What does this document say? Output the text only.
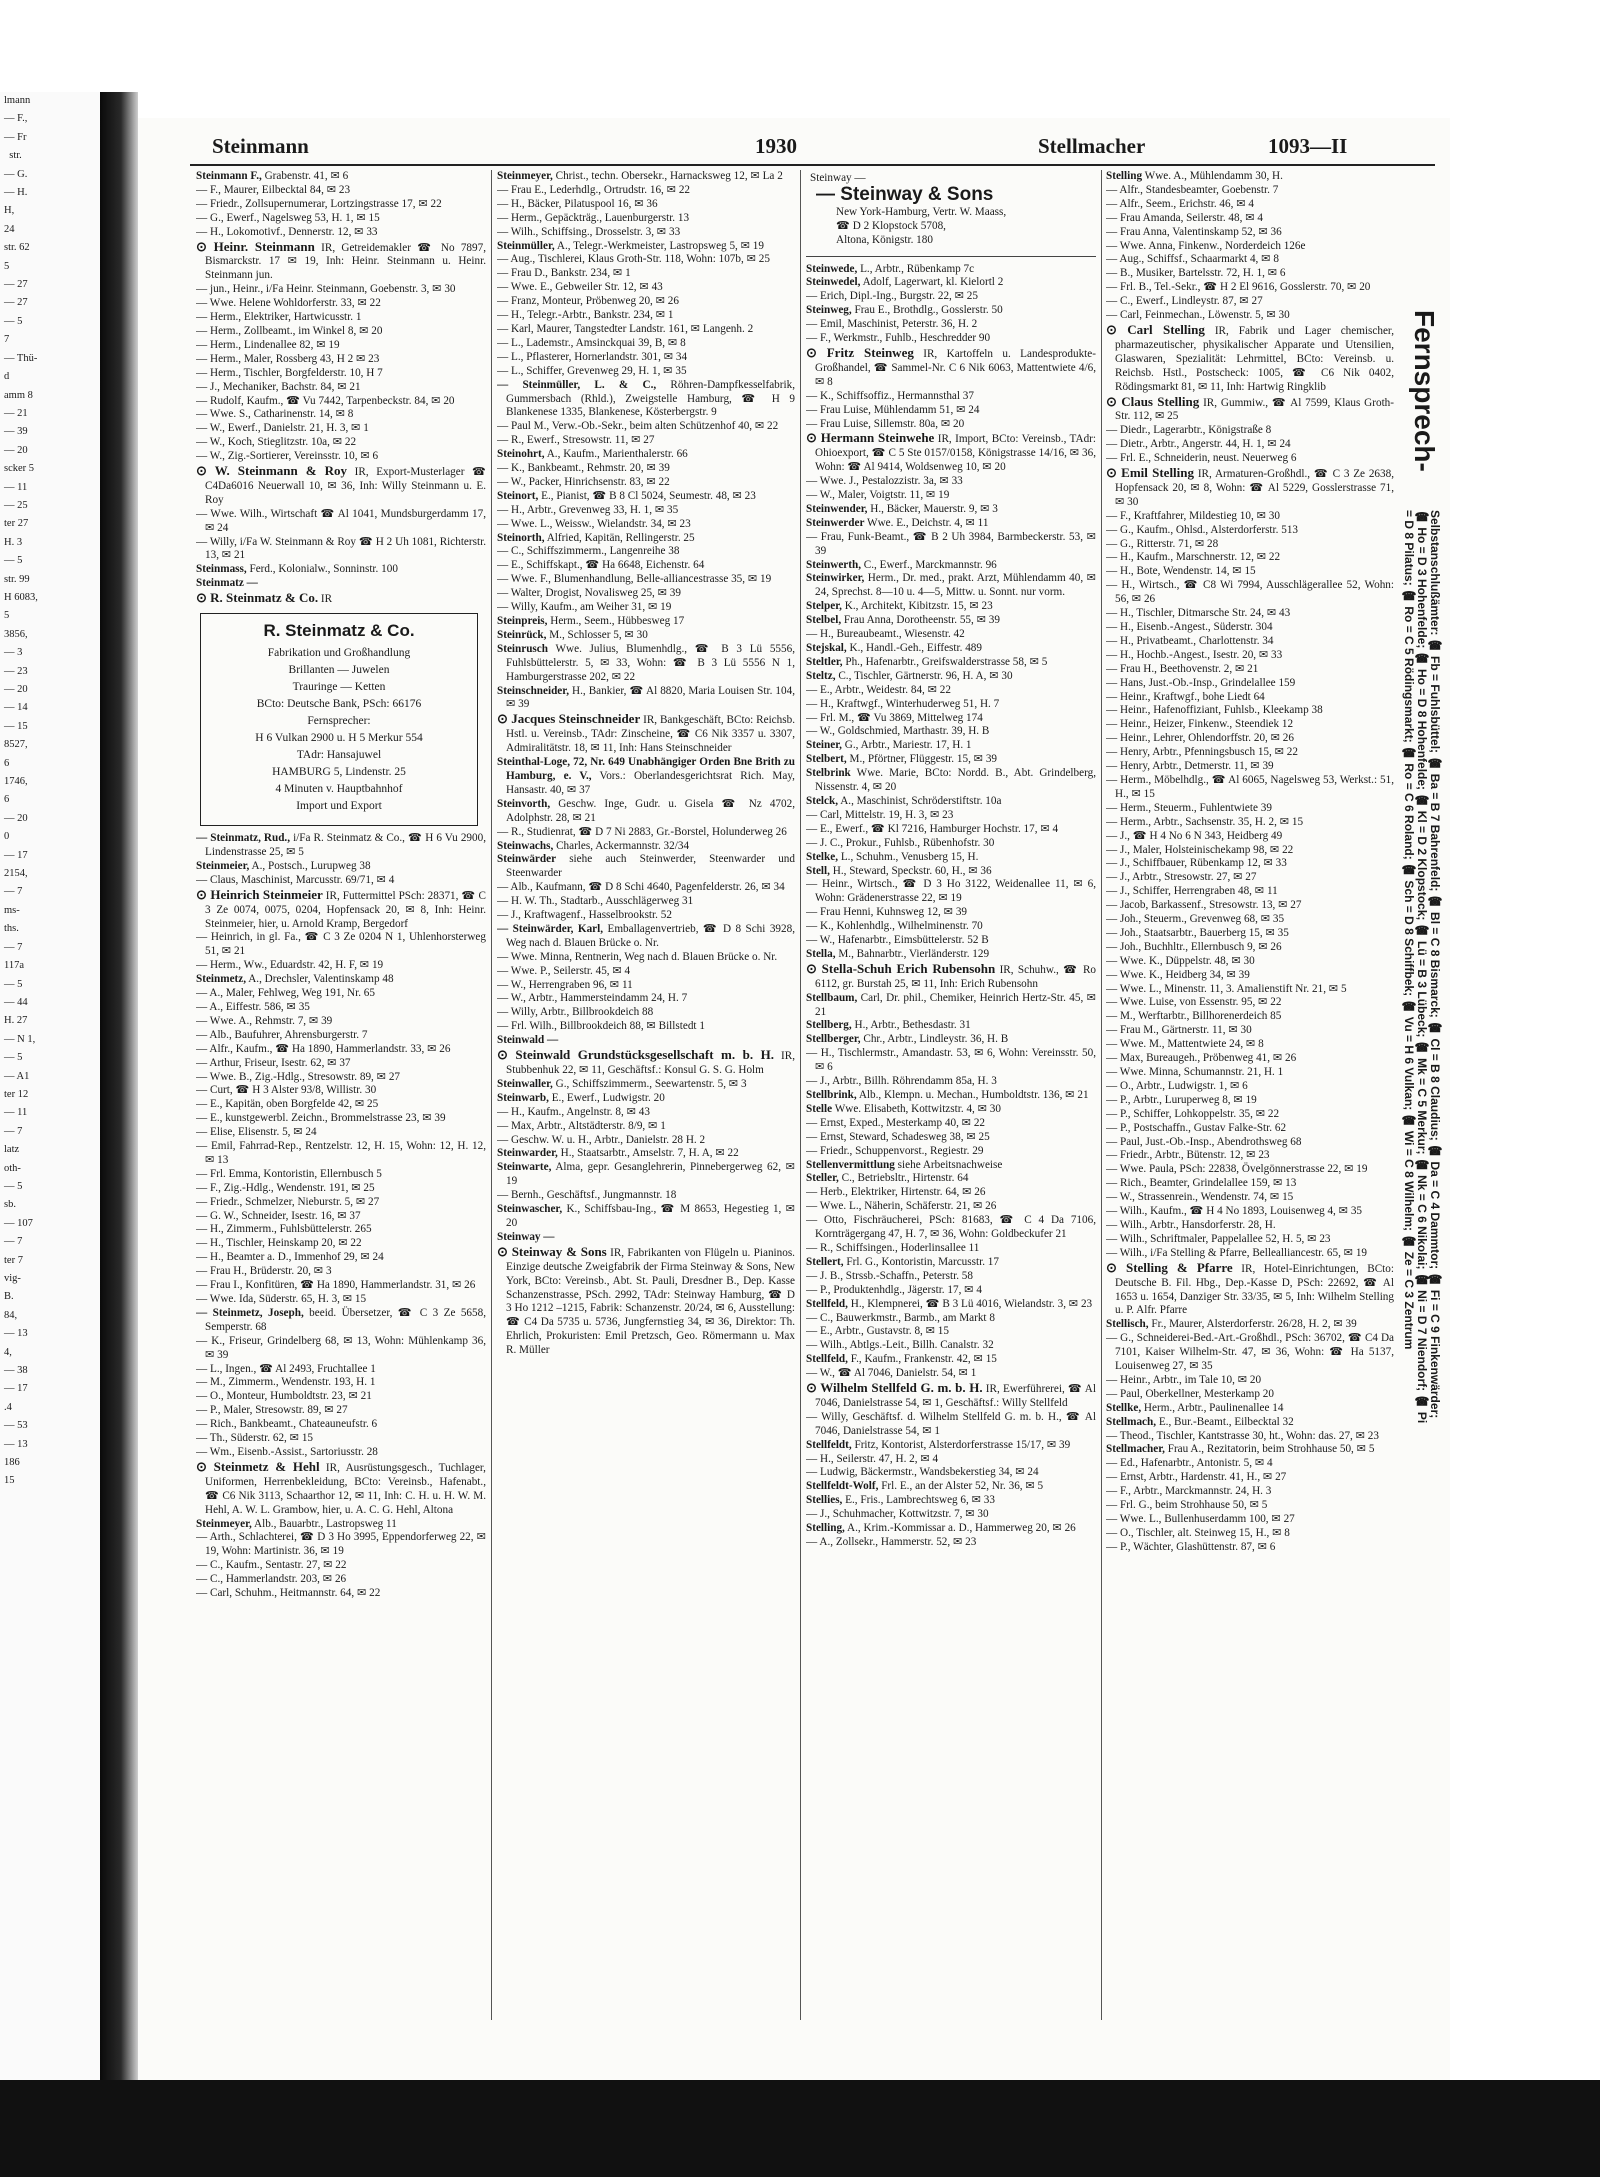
lmann
— F.,
— Fr
str.
— G.
— H.
H,
24
str. 62
5
— 27
— 27
— 5
7
— Thü-
d
amm 8
— 21
— 39
— 20
scker 5
— 11
— 25
ter 27
H. 3
— 5
str. 99
H 6083,
5
3856,
— 3
— 23
— 20
— 14
— 15
8527,
6
1746,
6
— 20
0
— 17
2154,
— 7
ms-
ths.
— 7
117a
— 5
— 44
H. 27
— N 1,
— 5
— A1
ter 12
— 11
— 7
latz
oth-
— 5
sb.
— 107
— 7
ter 7
vig-
B.
84,
— 13
4,
— 38
— 17
.4
— 53
— 13
186
15
Steinmann	1930	Stellmacher	1093—II
Steinmann F., Grabenstr. 41, ✉ 6
— F., Maurer, Eilbecktal 84, ✉ 23
— Friedr., Zollsupernumerar, Lortzingstrasse 17, ✉ 22
— G., Ewerf., Nagelsweg 53, H. 1, ✉ 15
— H., Lokomotivf., Dennerstr. 12, ✉ 33
⊙ Heinr. Steinmann IR, Getreidemakler ☎ No 7897, Bismarckstr. 17 ✉ 19, Inh: Heinr. Steinmann u. Heinr. Steinmann jun.
— jun., Heinr., i/Fa Heinr. Steinmann, Goebenstr. 3, ✉ 30
— Wwe. Helene Wohldorferstr. 33, ✉ 22
— Herm., Elektriker, Hartwicusstr. 1
— Herm., Zollbeamt., im Winkel 8, ✉ 20
— Herm., Lindenallee 82, ✉ 19
— Herm., Maler, Rossberg 43, H 2 ✉ 23
— Herm., Tischler, Borgfelderstr. 10, H 7
— J., Mechaniker, Bachstr. 84, ✉ 21
— Rudolf, Kaufm., ☎ Vu 7442, Tarpenbeckstr. 84, ✉ 20
— Wwe. S., Catharinenstr. 14, ✉ 8
— W., Ewerf., Danielstr. 21, H. 3, ✉ 1
— W., Koch, Stieglitzstr. 10a, ✉ 22
— W., Zig.-Sortierer, Vereinsstr. 10, ✉ 6
⊙ W. Steinmann & Roy IR, Export-Musterlager ☎ C4Da6016 Neuerwall 10, ✉ 36, Inh: Willy Steinmann u. E. Roy
— Wwe. Wilh., Wirtschaft ☎ Al 1041, Mundsburgerdamm 17, ✉ 24
— Willy, i/Fa W. Steinmann & Roy ☎ H 2 Uh 1081, Richterstr. 13, ✉ 21
Steinmass, Ferd., Kolonialw., Sonninstr. 100
Steinmatz —
⊙ R. Steinmatz & Co. IR
R. Steinmatz & Co.
Fabrikation und Großhandlung
Brillanten — Juwelen
Trauringe — Ketten
BCto: Deutsche Bank, PSch: 66176
Fernsprecher:
H 6 Vulkan 2900 u. H 5 Merkur 554
TAdr: Hansajuwel
HAMBURG 5, Lindenstr. 25
4 Minuten v. Hauptbahnhof
Import und Export
— Steinmatz, Rud., i/Fa R. Steinmatz & Co., ☎ H 6 Vu 2900, Lindenstrasse 25, ✉ 5
Steinmeier, A., Postsch., Lurupweg 38
— Claus, Maschinist, Marcusstr. 69/71, ✉ 4
⊙ Heinrich Steinmeier IR, Futtermittel PSch: 28371, ☎ C 3 Ze 0074, 0075, 0204, Hopfensack 20, ✉ 8, Inh: Heinr. Steinmeier, hier, u. Arnold Kramp, Bergedorf
— Heinrich, in gl. Fa., ☎ C 3 Ze 0204 N 1, Uhlenhorsterweg 51, ✉ 21
— Herm., Ww., Eduardstr. 42, H. F, ✉ 19
Steinmetz, A., Drechsler, Valentinskamp 48
— A., Maler, Fehlweg, Weg 191, Nr. 65
— A., Eiffestr. 586, ✉ 35
— Wwe. A., Rehmstr. 7, ✉ 39
— Alb., Baufuhrer, Ahrensburgerstr. 7
— Alfr., Kaufm., ☎ Ha 1890, Hammerlandstr. 33, ✉ 26
— Arthur, Friseur, Isestr. 62, ✉ 37
— Wwe. B., Zig.-Hdlg., Stresowstr. 89, ✉ 27
— Curt, ☎ H 3 Alster 93/8, Willistr. 30
— E., Kapitän, oben Borgfelde 42, ✉ 25
— E., kunstgewerbl. Zeichn., Brommelstrasse 23, ✉ 39
— Elise, Elisenstr. 5, ✉ 24
— Emil, Fahrrad-Rep., Rentzelstr. 12, H. 15, Wohn: 12, H. 12, ✉ 13
— Frl. Emma, Kontoristin, Ellernbusch 5
— F., Zig.-Hdlg., Wendenstr. 191, ✉ 25
— Friedr., Schmelzer, Nieburstr. 5, ✉ 27
— G. W., Schneider, Isestr. 16, ✉ 37
— H., Zimmerm., Fuhlsbüttelerstr. 265
— H., Tischler, Heinskamp 20, ✉ 22
— H., Beamter a. D., Immenhof 29, ✉ 24
— Frau H., Brüderstr. 20, ✉ 3
— Frau I., Konfitüren, ☎ Ha 1890, Hammerlandstr. 31, ✉ 26
— Wwe. Ida, Süderstr. 65, H. 3, ✉ 15
— Steinmetz, Joseph, beeid. Übersetzer, ☎ C 3 Ze 5658, Semperstr. 68
— K., Friseur, Grindelberg 68, ✉ 13, Wohn: Mühlenkamp 36, ✉ 39
— L., Ingen., ☎ Al 2493, Fruchtallee 1
— M., Zimmerm., Wendenstr. 193, H. 1
— O., Monteur, Humboldtstr. 23, ✉ 21
— P., Maler, Stresowstr. 89, ✉ 27
— Rich., Bankbeamt., Chateauneufstr. 6
— Th., Süderstr. 62, ✉ 15
— Wm., Eisenb.-Assist., Sartoriusstr. 28
⊙ Steinmetz & Hehl IR, Ausrüstungsgesch., Tuchlager, Uniformen, Herrenbekleidung, BCto: Vereinsb., Hafenabt., ☎ C6 Nik 3113, Schaarthor 12, ✉ 11, Inh: C. H. u. H. W. M. Hehl, A. W. L. Grambow, hier, u. A. C. G. Hehl, Altona
Steinmeyer, Alb., Bauarbtr., Lastropsweg 11
— Arth., Schlachterei, ☎ D 3 Ho 3995, Eppendorferweg 22, ✉ 19, Wohn: Martinistr. 36, ✉ 19
— C., Kaufm., Sentastr. 27, ✉ 22
— C., Hammerlandstr. 203, ✉ 26
— Carl, Schuhm., Heitmannstr. 64, ✉ 22
Steinmeyer, Christ., techn. Obersekr., Harnacksweg 12, ✉ La 2
— Frau E., Lederhdlg., Ortrudstr. 16, ✉ 22
— H., Bäcker, Pilatuspool 16, ✉ 36
— Herm., Gepäckträg., Lauenburgerstr. 13
— Wilh., Schiffsing., Drosselstr. 3, ✉ 33
Steinmüller, A., Telegr.-Werkmeister, Lastropsweg 5, ✉ 19
— Aug., Tischlerei, Klaus Groth-Str. 118, Wohn: 107b, ✉ 25
— Frau D., Bankstr. 234, ✉ 1
— Wwe. E., Gebweiler Str. 12, ✉ 43
— Franz, Monteur, Pröbenweg 20, ✉ 26
— H., Telegr.-Arbtr., Bankstr. 234, ✉ 1
— Karl, Maurer, Tangstedter Landstr. 161, ✉ Langenh. 2
— L., Lademstr., Amsinckquai 39, B, ✉ 8
— L., Pflasterer, Hornerlandstr. 301, ✉ 34
— L., Schiffer, Grevenweg 29, H. 1, ✉ 35
— Steinmüller, L. & C., Röhren-Dampfkesselfabrik, Gummersbach (Rhld.), Zweigstelle Hamburg, ☎ H 9 Blankenese 1335, Blankenese, Kösterbergstr. 9
— Paul M., Verw.-Ob.-Sekr., beim alten Schützenhof 40, ✉ 22
— R., Ewerf., Stresowstr. 11, ✉ 27
Steinohrt, A., Kaufm., Marienthalerstr. 66
— K., Bankbeamt., Rehmstr. 20, ✉ 39
— W., Packer, Hinrichsenstr. 83, ✉ 22
Steinort, E., Pianist, ☎ B 8 Cl 5024, Seumestr. 48, ✉ 23
— H., Arbtr., Grevenweg 33, H. 1, ✉ 35
— Wwe. L., Weissw., Wielandstr. 34, ✉ 23
Steinorth, Alfried, Kapitän, Rellingerstr. 25
— C., Schiffszimmerm., Langenreihe 38
— E., Schiffskapt., ☎ Ha 6648, Eichenstr. 64
— Wwe. F., Blumenhandlung, Belle-alliancestrasse 35, ✉ 19
— Walter, Drogist, Novalisweg 25, ✉ 39
— Willy, Kaufm., am Weiher 31, ✉ 19
Steinpreis, Herm., Seem., Hübbesweg 17
Steinrück, M., Schlosser 5, ✉ 30
Steinrusch Wwe. Julius, Blumenhdlg., ☎ B 3 Lü 5556, Fuhlsbüttelerstr. 5, ✉ 33, Wohn: ☎ B 3 Lü 5556 N 1, Hamburgerstrasse 202, ✉ 22
Steinschneider, H., Bankier, ☎ Al 8820, Maria Louisen Str. 104, ✉ 39
⊙ Jacques Steinschneider IR, Bankgeschäft, BCto: Reichsb. Hstl. u. Vereinsb., TAdr: Zinscheine, ☎ C6 Nik 3357 u. 3307, Admiralitätstr. 18, ✉ 11, Inh: Hans Steinschneider
Steinthal-Loge, 72, Nr. 649 Unabhängiger Orden Bne Brith zu Hamburg, e. V., Vors.: Oberlandesgerichtsrat Rich. May, Hansastr. 40, ✉ 37
Steinvorth, Geschw. Inge, Gudr. u. Gisela ☎ Nz 4702, Adolphstr. 28, ✉ 21
— R., Studienrat, ☎ D 7 Ni 2883, Gr.-Borstel, Holunderweg 26
Steinwachs, Charles, Ackermannstr. 32/34
Steinwärder siehe auch Steinwerder, Steenwarder und Steenwarder
— Alb., Kaufmann, ☎ D 8 Schi 4640, Pagenfelderstr. 26, ✉ 34
— H. W. Th., Stadtarb., Ausschlägerweg 31
— J., Kraftwagenf., Hasselbrookstr. 52
— Steinwärder, Karl, Emballagenvertrieb, ☎ D 8 Schi 3928, Weg nach d. Blauen Brücke o. Nr.
— Wwe. Minna, Rentnerin, Weg nach d. Blauen Brücke o. Nr.
— Wwe. P., Seilerstr. 45, ✉ 4
— W., Herrengraben 96, ✉ 11
— W., Arbtr., Hammersteindamm 24, H. 7
— Willy, Arbtr., Billbrookdeich 88
— Frl. Wilh., Billbrookdeich 88, ✉ Billstedt 1
Steinwald —
⊙ Steinwald Grundstücksgesellschaft m. b. H. IR, Stubbenhuk 22, ✉ 11, Geschäftsf.: Konsul G. S. G. Holm
Steinwaller, G., Schiffszimmerm., Seewartenstr. 5, ✉ 3
Steinwarb, E., Ewerf., Ludwigstr. 20
— H., Kaufm., Angelnstr. 8, ✉ 43
— Max, Arbtr., Altstädterstr. 8/9, ✉ 1
— Geschw. W. u. H., Arbtr., Danielstr. 28 H. 2
Steinwarder, H., Staatsarbtr., Amselstr. 7, H. A, ✉ 22
Steinwarte, Alma, gepr. Gesanglehrerin, Pinnebergerweg 62, ✉ 19
— Bernh., Geschäftsf., Jungmannstr. 18
Steinwascher, K., Schiffsbau-Ing., ☎ M 8653, Hegestieg 1, ✉ 20
Steinway —
⊙ Steinway & Sons IR, Fabrikanten von Flügeln u. Pianinos. Einzige deutsche Zweigfabrik der Firma Steinway & Sons, New York, BCto: Vereinsb., Abt. St. Pauli, Dresdner B., Dep. Kasse Schanzenstrasse, PSch. 2992, TAdr: Steinway Hamburg, ☎ D 3 Ho 1212 –1215, Fabrik: Schanzenstr. 20/24, ✉ 6, Ausstellung: ☎ C4 Da 5735 u. 5736, Jungfernstieg 34, ✉ 36, Direktor: Th. Ehrlich, Prokuristen: Emil Pretzsch, Geo. Römermann u. Max R. Müller
Steinway —
— Steinway & Sons
New York-Hamburg, Vertr. W. Maass,
☎ D 2 Klopstock 5708,
Altona, Königstr. 180
Steinwede, L., Arbtr., Rübenkamp 7c
Steinwedel, Adolf, Lagerwart, kl. Kielortl 2
— Erich, Dipl.-Ing., Burgstr. 22, ✉ 25
Steinweg, Frau E., Brothdlg., Gosslerstr. 50
— Emil, Maschinist, Peterstr. 36, H. 2
— F., Werkmstr., Fuhlb., Heschredder 90
⊙ Fritz Steinweg IR, Kartoffeln u. Landesprodukte-Großhandel, ☎ Sammel-Nr. C 6 Nik 6063, Mattentwiete 4/6, ✉ 8
— K., Schiffsoffiz., Hermannsthal 37
— Frau Luise, Mühlendamm 51, ✉ 24
— Frau Luise, Sillemstr. 80a, ✉ 20
⊙ Hermann Steinwehe IR, Import, BCto: Vereinsb., TAdr: Ohioexport, ☎ C 5 Ste 0157/0158, Königstrasse 14/16, ✉ 36, Wohn: ☎ Al 9414, Woldsenweg 10, ✉ 20
— Wwe. J., Pestalozzistr. 3a, ✉ 33
— W., Maler, Voigtstr. 11, ✉ 19
Steinwender, H., Bäcker, Mauerstr. 9, ✉ 3
Steinwerder Wwe. E., Deichstr. 4, ✉ 11
— Frau, Funk-Beamt., ☎ B 2 Uh 3984, Barmbeckerstr. 53, ✉ 39
Steinwerth, C., Ewerf., Marckmannstr. 96
Steinwirker, Herm., Dr. med., prakt. Arzt, Mühlendamm 40, ✉ 24, Sprechst. 8—10 u. 4—5, Mittw. u. Sonnt. nur vorm.
Stelper, K., Architekt, Kibitzstr. 15, ✉ 23
Stelbel, Frau Anna, Dorotheenstr. 55, ✉ 39
— H., Bureaubeamt., Wiesenstr. 42
Stejskal, K., Handl.-Geh., Eiffestr. 489
Steltler, Ph., Hafenarbtr., Greifswalderstrasse 58, ✉ 5
Steltz, C., Tischler, Gärtnerstr. 96, H. A, ✉ 30
— E., Arbtr., Weidestr. 84, ✉ 22
— H., Kraftwgf., Winterhuderweg 51, H. 7
— Frl. M., ☎ Vu 3869, Mittelweg 174
— W., Goldschmied, Marthastr. 39, H. B
Steiner, G., Arbtr., Mariestr. 17, H. 1
Stelbert, M., Pförtner, Flüggestr. 15, ✉ 39
Stelbrink Wwe. Marie, BCto: Nordd. B., Abt. Grindelberg, Nissenstr. 4, ✉ 20
Stelck, A., Maschinist, Schröderstiftstr. 10a
— Carl, Mittelstr. 19, H. 3, ✉ 23
— E., Ewerf., ☎ Kl 7216, Hamburger Hochstr. 17, ✉ 4
— J. C., Prokur., Fuhlsb., Rübenhofstr. 30
Stelke, L., Schuhm., Venusberg 15, H.
Stell, H., Steward, Speckstr. 60, H., ✉ 36
— Heinr., Wirtsch., ☎ D 3 Ho 3122, Weidenallee 11, ✉ 6, Wohn: Grädenerstrasse 22, ✉ 19
— Frau Henni, Kuhnsweg 12, ✉ 39
— K., Kohlenhdlg., Wilhelminenstr. 70
— W., Hafenarbtr., Eimsbüttelerstr. 52 B
Stella, M., Bahnarbtr., Vierländerstr. 129
⊙ Stella-Schuh Erich Rubensohn IR, Schuhw., ☎ Ro 6112, gr. Burstah 25, ✉ 11, Inh: Erich Rubensohn
Stellbaum, Carl, Dr. phil., Chemiker, Heinrich Hertz-Str. 45, ✉ 21
Stellberg, H., Arbtr., Bethesdastr. 31
Stellberger, Chr., Arbtr., Lindleystr. 36, H. B
— H., Tischlermstr., Amandastr. 53, ✉ 6, Wohn: Vereinsstr. 50, ✉ 6
— J., Arbtr., Billh. Röhrendamm 85a, H. 3
Stellbrink, Alb., Klempn. u. Mechan., Humboldtstr. 136, ✉ 21
Stelle Wwe. Elisabeth, Kottwitzstr. 4, ✉ 30
— Ernst, Exped., Mesterkamp 40, ✉ 22
— Ernst, Steward, Schadesweg 38, ✉ 25
— Friedr., Schuppenvorst., Regiestr. 29
Stellenvermittlung siehe Arbeitsnachweise
Steller, C., Betriebsltr., Hirtenstr. 64
— Herb., Elektriker, Hirtenstr. 64, ✉ 26
— Wwe. L., Näherin, Schäferstr. 21, ✉ 26
— Otto, Fischräucherei, PSch: 81683, ☎ C 4 Da 7106, Kornträgergang 47, H. 7, ✉ 36, Wohn: Goldbeckufer 21
— R., Schiffsingen., Hoderlinsallee 11
Stellert, Frl. G., Kontoristin, Marcusstr. 17
— J. B., Strssb.-Schaffn., Peterstr. 58
— P., Produktenhdlg., Jägerstr. 17, ✉ 4
Stellfeld, H., Klempnerei, ☎ B 3 Lü 4016, Wielandstr. 3, ✉ 23
— C., Bauwerkmstr., Barmb., am Markt 8
— E., Arbtr., Gustavstr. 8, ✉ 15
— Wilh., Abtlgs.-Leit., Billh. Canalstr. 32
Stellfeld, F., Kaufm., Frankenstr. 42, ✉ 15
— W., ☎ Al 7046, Danielstr. 54, ✉ 1
⊙ Wilhelm Stellfeld G. m. b. H. IR, Ewerführerei, ☎ Al 7046, Danielstrasse 54, ✉ 1, Geschäftsf.: Willy Stellfeld
— Willy, Geschäftsf. d. Wilhelm Stellfeld G. m. b. H., ☎ Al 7046, Danielstrasse 54, ✉ 1
Stellfeldt, Fritz, Kontorist, Alsterdorferstrasse 15/17, ✉ 39
— H., Seilerstr. 47, H. 2, ✉ 4
— Ludwig, Bäckermstr., Wandsbekerstieg 34, ✉ 24
Stellfeldt-Wolf, Frl. E., an der Alster 52, Nr. 36, ✉ 5
Stellies, E., Fris., Lambrechtsweg 6, ✉ 33
— J., Schuhmacher, Kottwitzstr. 7, ✉ 30
Stelling, A., Krim.-Kommissar a. D., Hammerweg 20, ✉ 26
— A., Zollsekr., Hammerstr. 52, ✉ 23
Stelling Wwe. A., Mühlendamm 30, H.
— Alfr., Standesbeamter, Goebenstr. 7
— Alfr., Seem., Erichstr. 46, ✉ 4
— Frau Amanda, Seilerstr. 48, ✉ 4
— Frau Anna, Valentinskamp 52, ✉ 36
— Wwe. Anna, Finkenw., Norderdeich 126e
— Aug., Schiffsf., Schaarmarkt 4, ✉ 8
— B., Musiker, Bartelsstr. 72, H. 1, ✉ 6
— Frl. B., Tel.-Sekr., ☎ H 2 El 9616, Gosslerstr. 70, ✉ 20
— C., Ewerf., Lindleystr. 87, ✉ 27
— Carl, Feinmechan., Löwenstr. 5, ✉ 30
⊙ Carl Stelling IR, Fabrik und Lager chemischer, pharmazeutischer, physikalischer Apparate und Utensilien, Glaswaren, Spezialität: Lehrmittel, BCto: Vereinsb. u. Reichsb. Hstl., Postscheck: 1005, ☎ C6 Nik 0402, Rödingsmarkt 81, ✉ 11, Inh: Hartwig Ringklib
⊙ Claus Stelling IR, Gummiw., ☎ Al 7599, Klaus Groth-Str. 112, ✉ 25
— Diedr., Lagerarbtr., Königstraße 8
— Dietr., Arbtr., Angerstr. 44, H. 1, ✉ 24
— Frl. E., Schneiderin, neust. Neuerweg 6
⊙ Emil Stelling IR, Armaturen-Großhdl., ☎ C 3 Ze 2638, Hopfensack 20, ✉ 8, Wohn: ☎ Al 5229, Gosslerstrasse 71, ✉ 30
— F., Kraftfahrer, Mildestieg 10, ✉ 30
— G., Kaufm., Ohlsd., Alsterdorferstr. 513
— G., Ritterstr. 71, ✉ 28
— H., Kaufm., Marschnerstr. 12, ✉ 22
— H., Bote, Wendenstr. 14, ✉ 15
— H., Wirtsch., ☎ C8 Wi 7994, Ausschlägerallee 52, Wohn: 56, ✉ 26
— H., Tischler, Ditmarsche Str. 24, ✉ 43
— H., Eisenb.-Angest., Süderstr. 304
— H., Privatbeamt., Charlottenstr. 34
— H., Hochb.-Angest., Isestr. 20, ✉ 33
— Frau H., Beethovenstr. 2, ✉ 21
— Hans, Just.-Ob.-Insp., Grindelallee 159
— Heinr., Kraftwgf., bohe Liedt 64
— Heinr., Hafenoffiziant, Fuhlsb., Kleekamp 38
— Heinr., Heizer, Finkenw., Steendiek 12
— Heinr., Lehrer, Ohlendorffstr. 20, ✉ 26
— Henry, Arbtr., Pfenningsbusch 15, ✉ 22
— Henry, Arbtr., Detmerstr. 11, ✉ 39
— Herm., Möbelhdlg., ☎ Al 6065, Nagelsweg 53, Werkst.: 51, H., ✉ 15
— Herm., Steuerm., Fuhlentwiete 39
— Herm., Arbtr., Sachsenstr. 35, H. 2, ✉ 15
— J., ☎ H 4 No 6 N 343, Heidberg 49
— J., Maler, Holsteinischekamp 98, ✉ 22
— J., Schiffbauer, Rübenkamp 12, ✉ 33
— J., Arbtr., Stresowstr. 27, ✉ 27
— J., Schiffer, Herrengraben 48, ✉ 11
— Jacob, Barkassenf., Stresowstr. 13, ✉ 27
— Joh., Steuerm., Grevenweg 68, ✉ 35
— Joh., Staatsarbtr., Bauerberg 15, ✉ 35
— Joh., Buchhltr., Ellernbusch 9, ✉ 26
— Wwe. K., Düppelstr. 48, ✉ 30
— Wwe. K., Heidberg 34, ✉ 39
— Wwe. L., Minenstr. 11, 3. Amalienstift Nr. 21, ✉ 5
— Wwe. Luise, von Essenstr. 95, ✉ 22
— M., Werftarbtr., Billhorenerdeich 85
— Frau M., Gärtnerstr. 11, ✉ 30
— Wwe. M., Mattentwiete 24, ✉ 8
— Max, Bureaugeh., Pröbenweg 41, ✉ 26
— Wwe. Minna, Schumannstr. 21, H. 1
— O., Arbtr., Ludwigstr. 1, ✉ 6
— P., Arbtr., Luruperweg 8, ✉ 19
— P., Schiffer, Lohkoppelstr. 35, ✉ 22
— P., Postschaffn., Gustav Falke-Str. 62
— Paul, Just.-Ob.-Insp., Abendrothsweg 68
— Friedr., Arbtr., Bütenstr. 12, ✉ 23
— Wwe. Paula, PSch: 22838, Övelgönnerstrasse 22, ✉ 19
— Rich., Beamter, Grindelallee 159, ✉ 13
— W., Strassenrein., Wendenstr. 74, ✉ 15
— Wilh., Kaufm., ☎ H 4 No 1893, Louisenweg 4, ✉ 35
— Wilh., Arbtr., Hansdorferstr. 28, H.
— Wilh., Schriftmaler, Pappelallee 52, H. 5, ✉ 23
— Wilh., i/Fa Stelling & Pfarre, Bellealliancestr. 65, ✉ 19
⊙ Stelling & Pfarre IR, Hotel-Einrichtungen, BCto: Deutsche B. Fil. Hbg., Dep.-Kasse D, PSch: 22692, ☎ Al 1653 u. 1654, Danziger Str. 33/35, ✉ 5, Inh: Wilhelm Stelling u. P. Alfr. Pfarre
Stellisch, Fr., Maurer, Alsterdorferstr. 26/28, H. 2, ✉ 39
— G., Schneiderei-Bed.-Art.-Großhdl., PSch: 36702, ☎ C4 Da 7101, Kaiser Wilhelm-Str. 47, ✉ 36, Wohn: ☎ Ha 5137, Louisenweg 27, ✉ 35
— Heinr., Arbtr., im Tale 10, ✉ 20
— Paul, Oberkellner, Mesterkamp 20
Stellke, Herm., Arbtr., Paulinenallee 14
Stellmach, E., Bur.-Beamt., Eilbecktal 32
— Theod., Tischler, Kantstrasse 30, ht., Wohn: das. 27, ✉ 23
Stellmacher, Frau A., Rezitatorin, beim Strohhause 50, ✉ 5
— Ed., Hafenarbtr., Antonistr. 5, ✉ 4
— Ernst, Arbtr., Hardenstr. 41, H., ✉ 27
— F., Arbtr., Marckmannstr. 24, H. 3
— Frl. G., beim Strohhause 50, ✉ 5
— Wwe. L., Bullenhuserdamm 100, ✉ 27
— O., Tischler, alt. Steinweg 15, H., ✉ 8
— P., Wächter, Glashüttenstr. 87, ✉ 6
Fernsprech-
Selbstanschlußämter: ☎ Fb = Fuhlsbüttel; ☎ Ba = B 7 Bahrenfeld; ☎ Bl = C 8 Bismarck; ☎ Cl = B 8 Claudius; ☎ Da = C 4 Dammtor; ☎ Fi = C 9 Finkenwärder; ☎ Ho = D 3 Hohenfelde; ☎ Ho = D 8 Hohenfelde; ☎ Kl = D 2 Klopstock; ☎ Lü = B 3 Lübeck; ☎ Mk = C 5 Merkur; ☎ Nk = C 6 Nikolai; ☎ Ni = D 7 Niendorf; ☎ Pi = D 8 Pilatus; ☎ Ro = C 5 Rödingsmarkt; ☎ Ro = C 6 Roland; ☎ Sch = D 8 Schiffbek; ☎ Vu = H 6 Vulkan; ☎ Wi = C 8 Wilhelm; ☎ Ze = C 3 Zentrum
